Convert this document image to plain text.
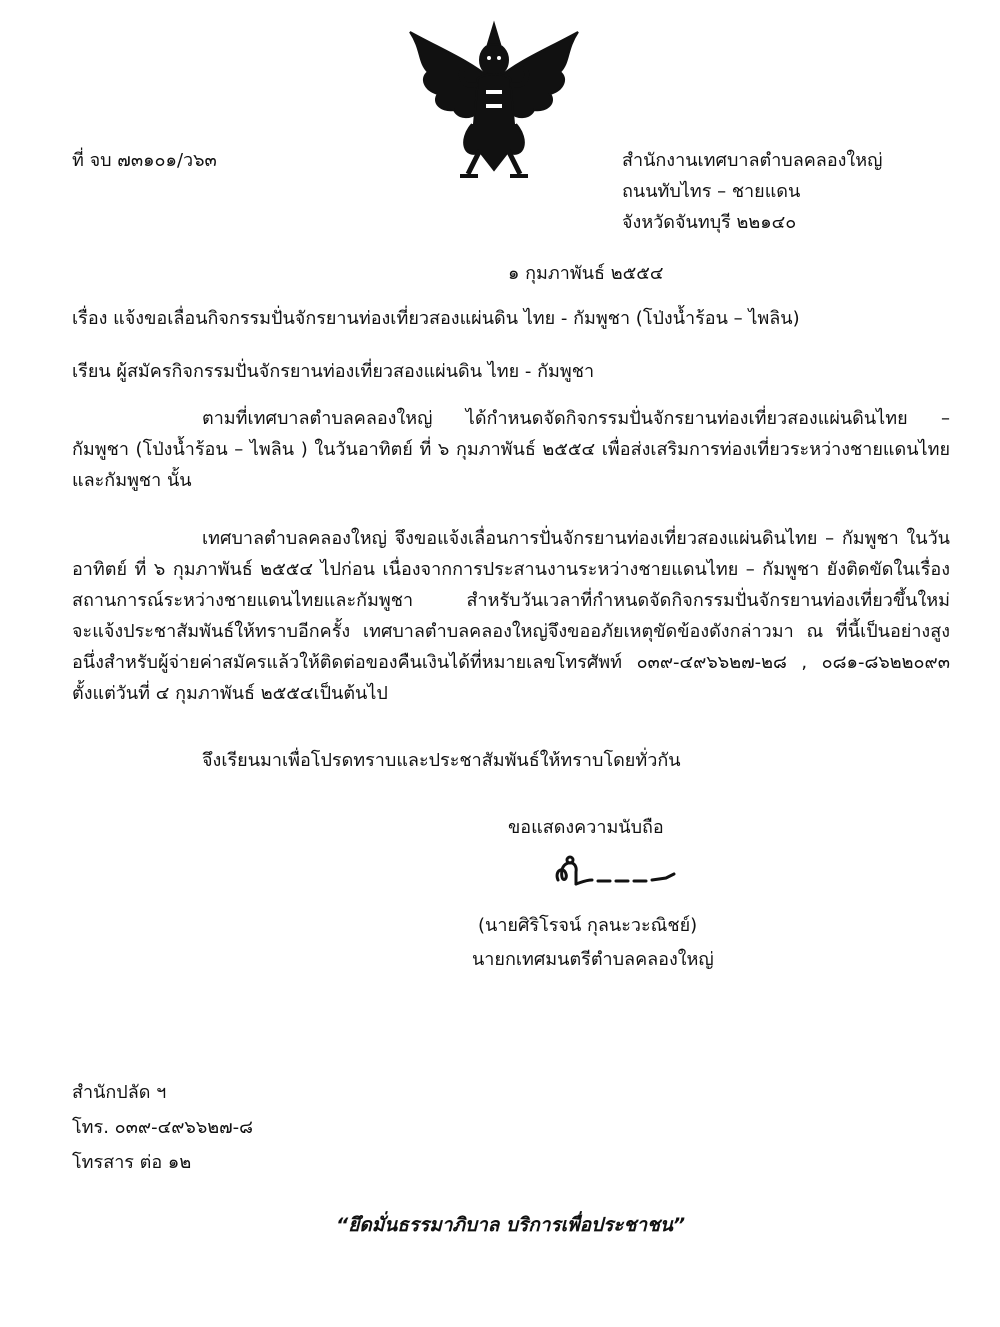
ที่ จบ ๗๓๑๐๑/ว๖๓	สำนักงานเทศบาลตำบลคลองใหญ่
ถนนทับไทร – ชายแดน
จังหวัดจันทบุรี ๒๒๑๔๐
๑ กุมภาพันธ์ ๒๕๕๔
เรื่อง แจ้งขอเลื่อนกิจกรรมปั่นจักรยานท่องเที่ยวสองแผ่นดิน ไทย - กัมพูชา (โป่งน้ำร้อน – ไพลิน)
เรียน ผู้สมัครกิจกรรมปั่นจักรยานท่องเที่ยวสองแผ่นดิน ไทย - กัมพูชา
ตามที่เทศบาลตำบลคลองใหญ่ ได้กำหนดจัดกิจกรรมปั่นจักรยานท่องเที่ยวสองแผ่นดินไทย – กัมพูชา (โป่งน้ำร้อน – ไพลิน ) ในวันอาทิตย์ ที่ ๖ กุมภาพันธ์ ๒๕๕๔ เพื่อส่งเสริมการท่องเที่ยวระหว่างชายแดนไทยและกัมพูชา นั้น
เทศบาลตำบลคลองใหญ่ จึงขอแจ้งเลื่อนการปั่นจักรยานท่องเที่ยวสองแผ่นดินไทย – กัมพูชา ในวันอาทิตย์ ที่ ๖ กุมภาพันธ์ ๒๕๕๔ ไปก่อน เนื่องจากการประสานงานระหว่างชายแดนไทย – กัมพูชา ยังติดขัดในเรื่องสถานการณ์ระหว่างชายแดนไทยและกัมพูชา สำหรับวันเวลาที่กำหนดจัดกิจกรรมปั่นจักรยานท่องเที่ยวขึ้นใหม่จะแจ้งประชาสัมพันธ์ให้ทราบอีกครั้ง เทศบาลตำบลคลองใหญ่จึงขออภัยเหตุขัดข้องดังกล่าวมา ณ ที่นี้เป็นอย่างสูง อนึ่งสำหรับผู้จ่ายค่าสมัครแล้วให้ติดต่อของคืนเงินได้ที่หมายเลขโทรศัพท์ ๐๓๙-๔๙๖๖๒๗-๒๘ , ๐๘๑-๘๖๒๒๐๙๓ ตั้งแต่วันที่ ๔ กุมภาพันธ์ ๒๕๕๔เป็นต้นไป
จึงเรียนมาเพื่อโปรดทราบและประชาสัมพันธ์ให้ทราบโดยทั่วกัน
ขอแสดงความนับถือ
(นายศิริโรจน์ กุลนะวะณิชย์)
นายกเทศมนตรีตำบลคลองใหญ่
สำนักปลัด ฯ
โทร. ๐๓๙-๔๙๖๖๒๗-๘
โทรสาร ต่อ ๑๒
“ยึดมั่นธรรมาภิบาล บริการเพื่อประชาชน”
